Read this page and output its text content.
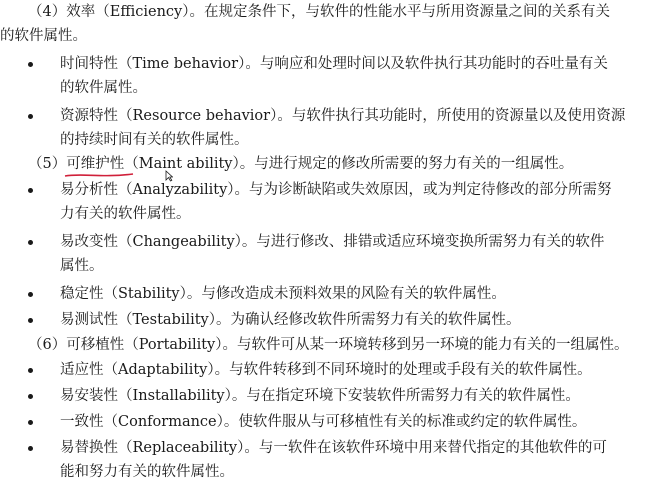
（4）效率（Efficiency）。在规定条件下，与软件的性能水平与所用资源量之间的关系有关
的软件属性。
时间特性（Time behavior）。与响应和处理时间以及软件执行其功能时的吞吐量有关
的软件属性。
资源特性（Resource behavior）。与软件执行其功能时，所使用的资源量以及使用资源
的持续时间有关的软件属性。
（5）可维护性
（Maint ability）。与进行规定的修改所需要的努力有关的一组属性。
易分析性（Analyzability）。与为诊断缺陷或失效原因，或为判定待修改的部分所需努
力有关的软件属性。
易改变性（Changeability）。与进行修改、排错或适应环境变换所需努力有关的软件
属性。
稳定性（Stability）。与修改造成未预料效果的风险有关的软件属性。
易测试性（Testability）。为确认经修改软件所需努力有关的软件属性。
（6）可移植性（Portability）。与软件可从某一环境转移到另一环境的能力有关的一组属性。
适应性（Adaptability）。与软件转移到不同环境时的处理或手段有关的软件属性。
易安装性（Installability）。与在指定环境下安装软件所需努力有关的软件属性。
一致性（Conformance）。使软件服从与可移植性有关的标准或约定的软件属性。
易替换性（Replaceability）。与一软件在该软件环境中用来替代指定的其他软件的可
能和努力有关的软件属性。
